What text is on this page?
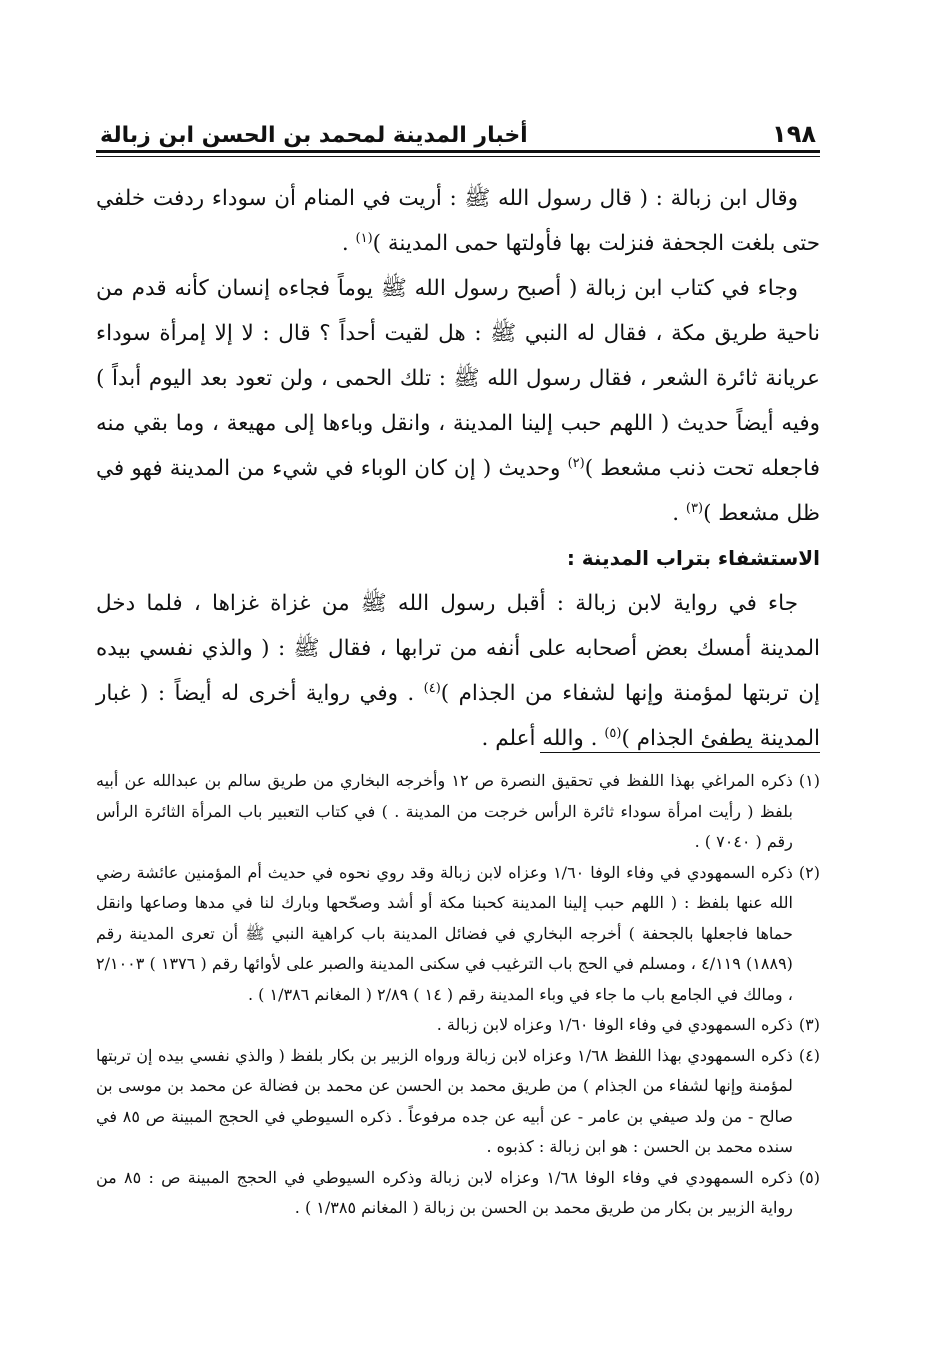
١٩٨
أخبار المدينة لمحمد بن الحسن ابن زبالة

وقال ابن زبالة : ( قال رسول الله ﷺ : أريت في المنام أن سوداء ردفت خلفي حتى بلغت الجحفة فنزلت بها فأولتها حمى المدينة )$^{(١)}$ .

وجاء في كتاب ابن زبالة ( أصبح رسول الله ﷺ يوماً فجاءه إنسان كأنه قدم من ناحية طريق مكة ، فقال له النبي ﷺ : هل لقيت أحداً ؟ قال : لا إلا إمرأة سوداء عريانة ثائرة الشعر ، فقال رسول الله ﷺ : تلك الحمى ، ولن تعود بعد اليوم أبداً ) وفيه أيضاً حديث ( اللهم حبب إلينا المدينة ، وانقل وباءها إلى مهيعة ، وما بقي منه فاجعله تحت ذنب مشعط )$^{(٢)}$ وحديث ( إن كان الوباء في شيء من المدينة فهو في ظل مشعط )$^{(٣)}$ .

الاستشفاء بتراب المدينة :

جاء في رواية لابن زبالة : أقبل رسول الله ﷺ من غزاة غزاها ، فلما دخل المدينة أمسك بعض أصحابه على أنفه من ترابها ، فقال ﷺ : ( والذي نفسي بيده إن تربتها لمؤمنة وإنها لشفاء من الجذام )$^{(٤)}$ . وفي رواية أخرى له أيضاً : ( غبار المدينة يطفئ الجذام )$^{(٥)}$ . والله أعلم .

(١)
ذكره المراغي بهذا اللفظ في تحقيق النصرة ص ١٢ وأخرجه البخاري من طريق سالم بن عبدالله عن أبيه بلفظ ( رأيت امرأة سوداء ثائرة الرأس خرجت من المدينة . ) في كتاب التعبير باب المرأة الثائرة الرأس رقم ( ٧٠٤٠ ) .

(٢)
ذكره السمهودي في وفاء الوفا ١/٦٠ وعزاه لابن زبالة وقد روي نحوه في حديث أم المؤمنين عائشة رضي الله عنها بلفظ : ( اللهم حبب إلينا المدينة كحبنا مكة أو أشد وصحّحها وبارك لنا في مدها وصاعها وانقل حماها فاجعلها بالجحفة ) أخرجه البخاري في فضائل المدينة باب كراهية النبي ﷺ أن تعرى المدينة رقم (١٨٨٩) ٤/١١٩ ، ومسلم في الحج باب الترغيب في سكنى المدينة والصبر على لأوائها رقم ( ١٣٧٦ ) ٢/١٠٠٣ ، ومالك في الجامع باب ما جاء في وباء المدينة رقم ( ١٤ ) ٢/٨٩ ( المغانم ١/٣٨٦ ) .

(٣)
ذكره السمهودي في وفاء الوفا ١/٦٠ وعزاه لابن زبالة .

(٤)
ذكره السمهودي بهذا اللفظ ١/٦٨ وعزاه لابن زبالة ورواه الزبير بن بكار بلفظ ( والذي نفسي بيده إن تربتها لمؤمنة وإنها لشفاء من الجذام ) من طريق محمد بن الحسن عن محمد بن فضالة عن محمد بن موسى بن صالح - من ولد صيفي بن عامر - عن أبيه عن جده مرفوعاً . ذكره السيوطي في الحجج المبينة ص ٨٥ في سنده محمد بن الحسن : هو ابن زبالة : كذبوه .

(٥)
ذكره السمهودي في وفاء الوفا ١/٦٨ وعزاه لابن زبالة وذكره السيوطي في الحجج المبينة ص : ٨٥ من رواية الزبير بن بكار من طريق محمد بن الحسن بن زبالة ( المغانم ١/٣٨٥ ) .
